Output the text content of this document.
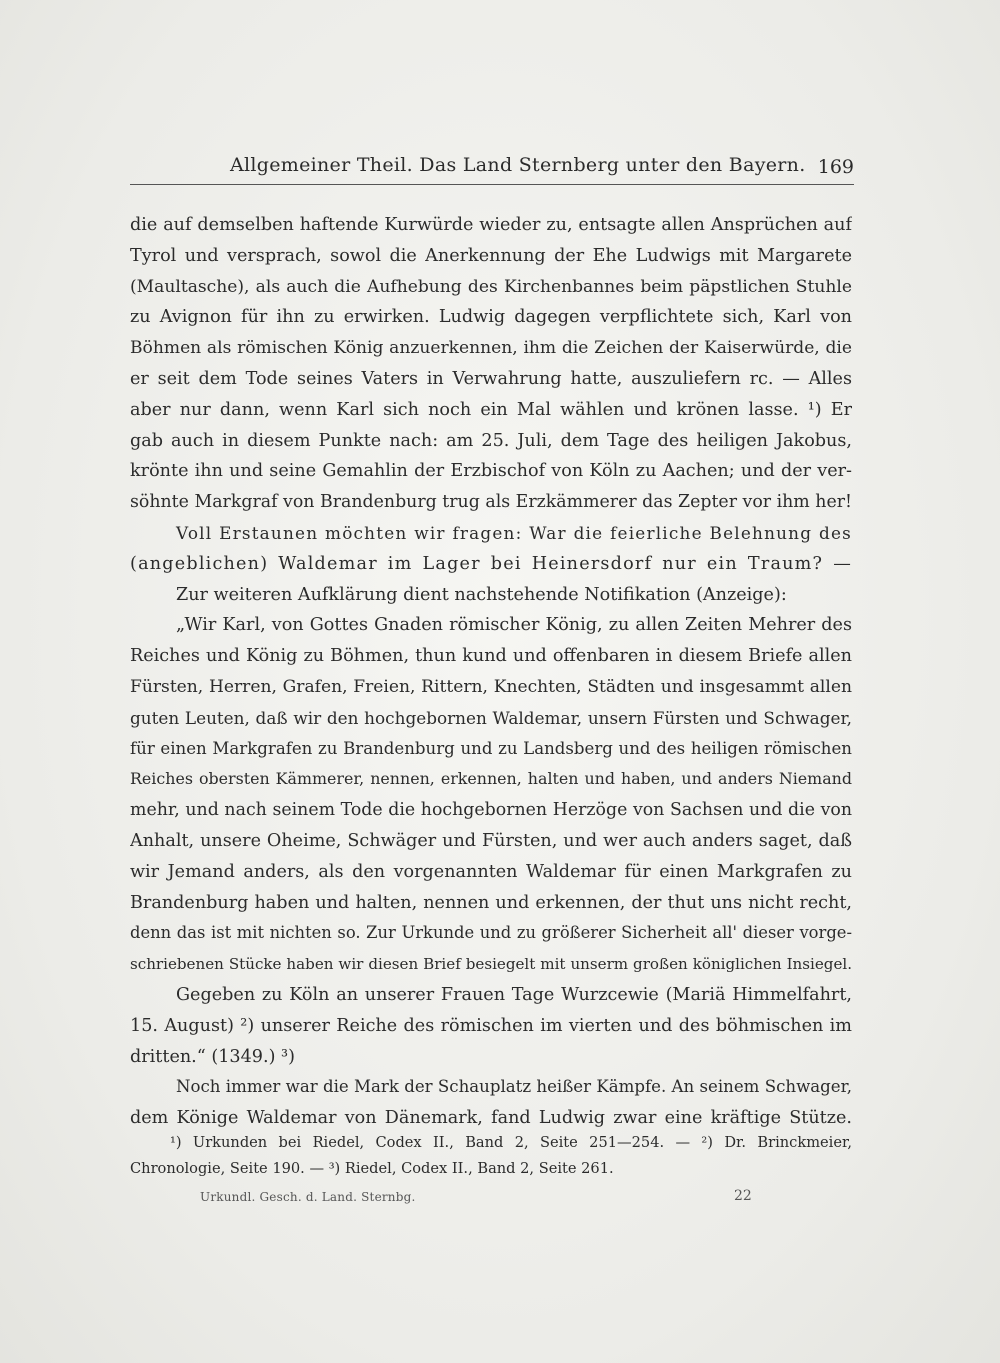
Allgemeiner Theil. Das Land Sternberg unter den Bayern. 169
die auf demselben haftende Kurwürde wieder zu, entsagte allen Ansprüchen auf
Tyrol und versprach, sowol die Anerkennung der Ehe Ludwigs mit Margarete
(Maultasche), als auch die Aufhebung des Kirchenbannes beim päpstlichen Stuhle
zu Avignon für ihn zu erwirken. Ludwig dagegen verpflichtete sich, Karl von
Böhmen als römischen König anzuerkennen, ihm die Zeichen der Kaiserwürde, die
er seit dem Tode seines Vaters in Verwahrung hatte, auszuliefern rc. — Alles
aber nur dann, wenn Karl sich noch ein Mal wählen und krönen lasse. ¹) Er
gab auch in diesem Punkte nach: am 25. Juli, dem Tage des heiligen Jakobus,
krönte ihn und seine Gemahlin der Erzbischof von Köln zu Aachen; und der ver-
söhnte Markgraf von Brandenburg trug als Erzkämmerer das Zepter vor ihm her!
Voll Erstaunen möchten wir fragen: War die feierliche Belehnung des
(angeblichen) Waldemar im Lager bei Heinersdorf nur ein Traum? —
Zur weiteren Aufklärung dient nachstehende Notifikation (Anzeige):
„Wir Karl, von Gottes Gnaden römischer König, zu allen Zeiten Mehrer des
Reiches und König zu Böhmen, thun kund und offenbaren in diesem Briefe allen
Fürsten, Herren, Grafen, Freien, Rittern, Knechten, Städten und insgesammt allen
guten Leuten, daß wir den hochgebornen Waldemar, unsern Fürsten und Schwager,
für einen Markgrafen zu Brandenburg und zu Landsberg und des heiligen römischen
Reiches obersten Kämmerer, nennen, erkennen, halten und haben, und anders Niemand
mehr, und nach seinem Tode die hochgebornen Herzöge von Sachsen und die von
Anhalt, unsere Oheime, Schwäger und Fürsten, und wer auch anders saget, daß
wir Jemand anders, als den vorgenannten Waldemar für einen Markgrafen zu
Brandenburg haben und halten, nennen und erkennen, der thut uns nicht recht,
denn das ist mit nichten so. Zur Urkunde und zu größerer Sicherheit all' dieser vorge-
schriebenen Stücke haben wir diesen Brief besiegelt mit unserm großen königlichen Insiegel.
Gegeben zu Köln an unserer Frauen Tage Wurzcewie (Mariä Himmelfahrt,
15. August) ²) unserer Reiche des römischen im vierten und des böhmischen im
dritten.“ (1349.) ³)
Noch immer war die Mark der Schauplatz heißer Kämpfe. An seinem Schwager,
dem Könige Waldemar von Dänemark, fand Ludwig zwar eine kräftige Stütze.
¹) Urkunden bei Riedel, Codex II., Band 2, Seite 251—254. — ²) Dr. Brinckmeier,
Chronologie, Seite 190. — ³) Riedel, Codex II., Band 2, Seite 261.
Urkundl. Gesch. d. Land. Sternbg.	22
